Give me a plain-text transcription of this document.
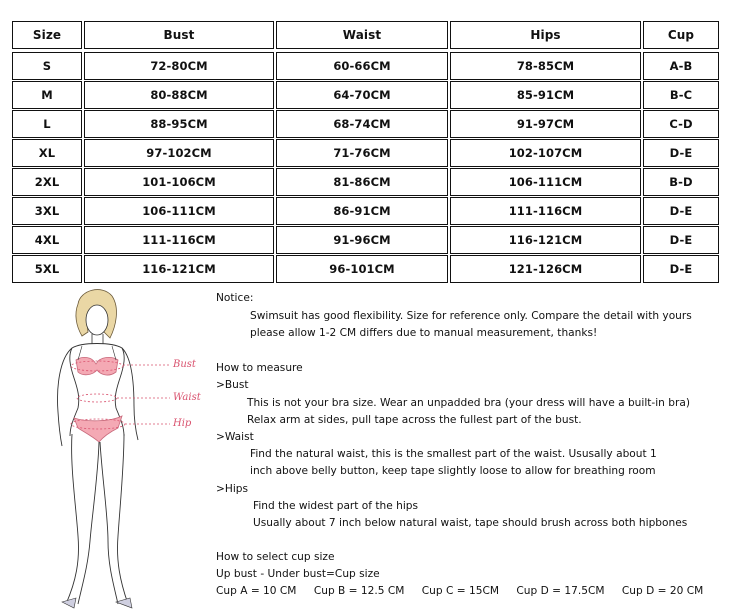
Size	Bust	Waist	Hips	Cup
S	72-80CM	60-66CM	78-85CM	A-B
M	80-88CM	64-70CM	85-91CM	B-C
L	88-95CM	68-74CM	91-97CM	C-D
XL	97-102CM	71-76CM	102-107CM	D-E
2XL	101-106CM	81-86CM	106-111CM	B-D
3XL	106-111CM	86-91CM	111-116CM	D-E
4XL	111-116CM	91-96CM	116-121CM	D-E
5XL	116-121CM	96-101CM	121-126CM	D-E
Bust
Waist
Hip
Notice:
Swimsuit has good flexibility. Size for reference only. Compare the detail with yours
please allow 1-2 CM differs due to manual measurement, thanks!
How to measure
>Bust
This is not your bra size. Wear an unpadded bra (your dress will have a built-in bra)
Relax arm at sides, pull tape across the fullest part of the bust.
>Waist
Find the natural waist, this is the smallest part of the waist. Ususally about 1
inch above belly button, keep tape slightly loose to allow for breathing room
>Hips
Find the widest part of the hips
Usually about 7 inch below natural waist, tape should brush across both hipbones
How to select cup size
Up bust - Under bust=Cup size
Cup A = 10 CM Cup B = 12.5 CM Cup C = 15CM Cup D = 17.5CM Cup D = 20 CM
